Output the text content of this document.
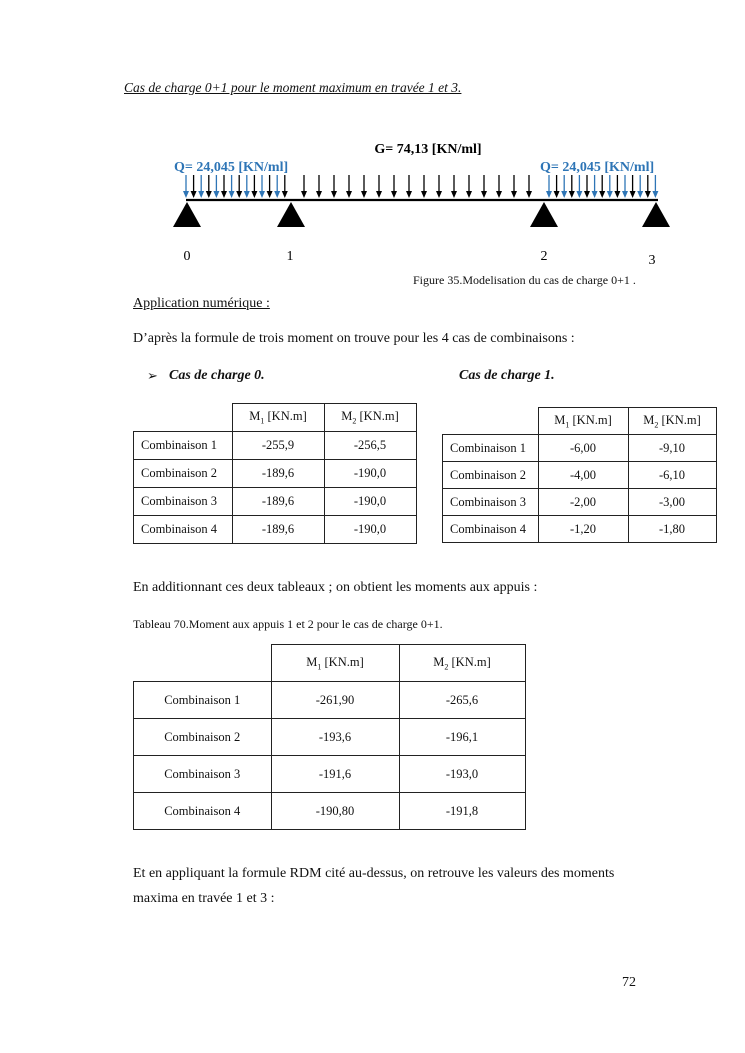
Cas de charge 0+1 pour le moment maximum en travée 1 et 3.
G= 74,13 [KN/ml]
Q= 24,045 [KN/ml]	Q= 24,045 [KN/ml]
0	1	2	3
Figure 35.Modelisation du cas de charge 0+1 .
Application numérique :
D’après la formule de trois moment on trouve pour les 4 cas de combinaisons :
➢ Cas de charge 0.	Cas de charge 1.
	$M_1$ [KN.m]	$M_2$ [KN.m]
Combinaison 1	-255,9	-256,5
Combinaison 2	-189,6	-190,0
Combinaison 3	-189,6	-190,0
Combinaison 4	-189,6	-190,0
	$M_1$ [KN.m]	$M_2$ [KN.m]
Combinaison 1	-6,00	-9,10
Combinaison 2	-4,00	-6,10
Combinaison 3	-2,00	-3,00
Combinaison 4	-1,20	-1,80
En additionnant ces deux tableaux ; on obtient les moments aux appuis :
Tableau 70.Moment aux appuis 1 et 2 pour le cas de charge 0+1.
	$M_1$ [KN.m]	$M_2$ [KN.m]
Combinaison 1	-261,90	-265,6
Combinaison 2	-193,6	-196,1
Combinaison 3	-191,6	-193,0
Combinaison 4	-190,80	-191,8
Et en appliquant la formule RDM cité au-dessus, on retrouve les valeurs des moments
maxima en travée 1 et 3 :
72
